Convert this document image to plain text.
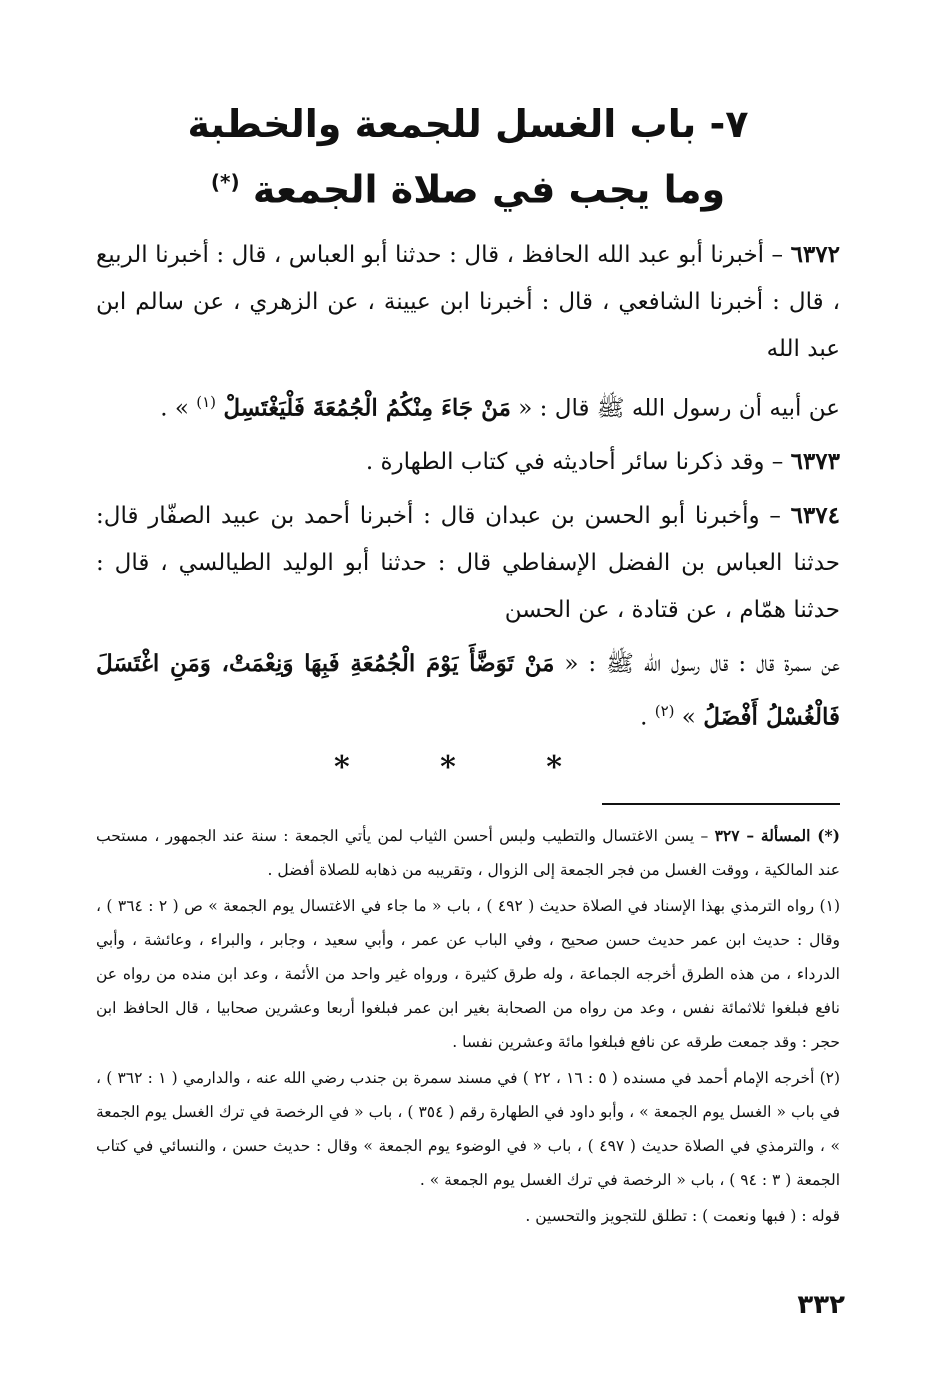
٧- باب الغسل للجمعة والخطبة
وما يجب في صلاة الجمعة (*)

٦٣٧٢ – أخبرنا أبو عبد الله الحافظ ، قال : حدثنا أبو العباس ، قال : أخبرنا الربيع ، قال : أخبرنا الشافعي ، قال : أخبرنا ابن عيينة ، عن الزهري ، عن سالم ابن عبد الله

عن أبيه أن رسول الله ﷺ قال : « مَنْ جَاءَ مِنْكُمُ الْجُمُعَةَ فَلْيَغْتَسِلْ $^{(١)}$ » .

٦٣٧٣ – وقد ذكرنا سائر أحاديثه في كتاب الطهارة .

٦٣٧٤ – وأخبرنا أبو الحسن بن عبدان قال : أخبرنا أحمد بن عبيد الصفّار قال: حدثنا العباس بن الفضل الإسفاطي قال : حدثنا أبو الوليد الطيالسي ، قال : حدثنا همّام ، عن قتادة ، عن الحسن

عن سمرة قال : قال رسول الله ﷺ : « مَنْ تَوَضَّأَ يَوْمَ الْجُمُعَةِ فَبِهَا وَنِعْمَتْ، وَمَنِ اغْتَسَلَ فَالْغُسْلُ أَفْضَلُ » $^{(٢)}$ .

* * *

(*) المسألة – ٣٢٧ – يسن الاغتسال والتطيب ولبس أحسن الثياب لمن يأتي الجمعة : سنة عند الجمهور ، مستحب عند المالكية ، ووقت الغسل من فجر الجمعة إلى الزوال ، وتقريبه من ذهابه للصلاة أفضل .

(١) رواه الترمذي بهذا الإسناد في الصلاة حديث ( ٤٩٢ ) ، باب « ما جاء في الاغتسال يوم الجمعة » ص ( ٢ : ٣٦٤ ) ، وقال : حديث ابن عمر حديث حسن صحيح ، وفي الباب عن عمر ، وأبي سعيد ، وجابر ، والبراء ، وعائشة ، وأبي الدرداء ، من هذه الطرق أخرجه الجماعة ، وله طرق كثيرة ، ورواه غير واحد من الأئمة ، وعد ابن منده من رواه عن نافع فبلغوا ثلاثمائة نفس ، وعد من رواه من الصحابة بغير ابن عمر فبلغوا أربعا وعشرين صحابيا ، قال الحافظ ابن حجر : وقد جمعت طرقه عن نافع فبلغوا مائة وعشرين نفسا .

(٢) أخرجه الإمام أحمد في مسنده ( ٥ : ١٦ ، ٢٢ ) في مسند سمرة بن جندب رضي الله عنه ، والدارمي ( ١ : ٣٦٢ ) ، في باب « الغسل يوم الجمعة » ، وأبو داود في الطهارة رقم ( ٣٥٤ ) ، باب « في الرخصة في ترك الغسل يوم الجمعة » ، والترمذي في الصلاة حديث ( ٤٩٧ ) ، باب « في الوضوء يوم الجمعة » وقال : حديث حسن ، والنسائي في كتاب الجمعة ( ٣ : ٩٤ ) ، باب « الرخصة في ترك الغسل يوم الجمعة » .

قوله : ( فبها ونعمت ) : تطلق للتجويز والتحسين .

٣٣٢
